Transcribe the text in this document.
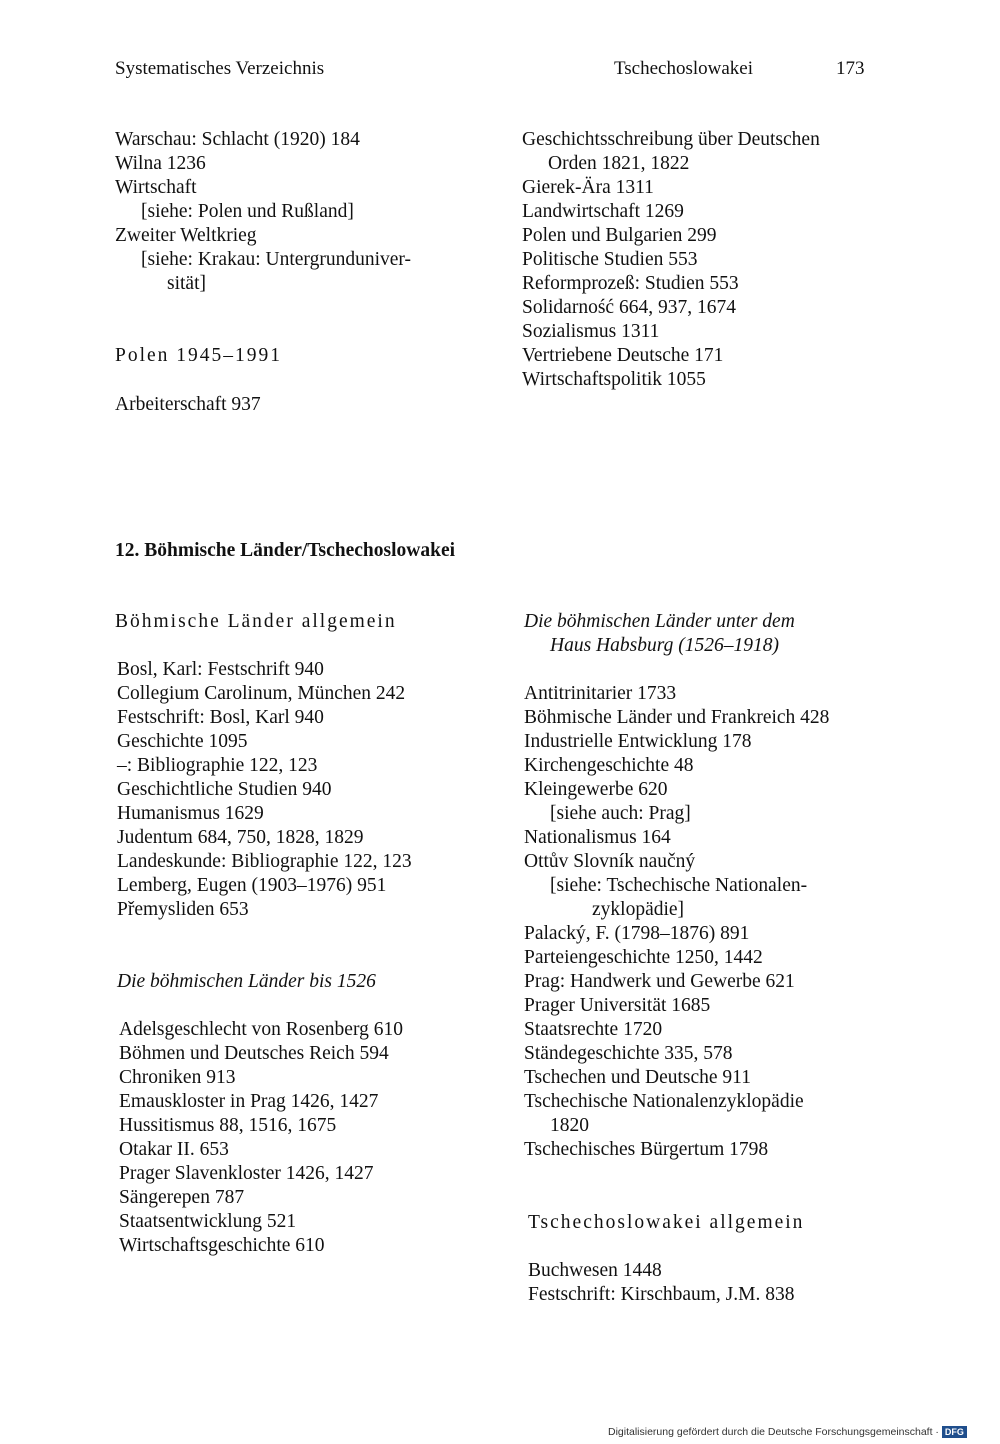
Systematisches Verzeichnis	Tschechoslowakei	173
Warschau: Schlacht (1920) 184
Wilna 1236
Wirtschaft
[siehe: Polen und Rußland]
Zweiter Weltkrieg
[siehe: Krakau: Untergrunduniver-
sität]
Polen 1945–1991
Arbeiterschaft 937
Geschichtsschreibung über Deutschen
Orden 1821, 1822
Gierek-Ära 1311
Landwirtschaft 1269
Polen und Bulgarien 299
Politische Studien 553
Reformprozeß: Studien 553
Solidarność 664, 937, 1674
Sozialismus 1311
Vertriebene Deutsche 171
Wirtschaftspolitik 1055
12. Böhmische Länder/Tschechoslowakei
Böhmische Länder allgemein
Bosl, Karl: Festschrift 940
Collegium Carolinum, München 242
Festschrift: Bosl, Karl 940
Geschichte 1095
–: Bibliographie 122, 123
Geschichtliche Studien 940
Humanismus 1629
Judentum 684, 750, 1828, 1829
Landeskunde: Bibliographie 122, 123
Lemberg, Eugen (1903–1976) 951
Přemysliden 653
Die böhmischen Länder bis 1526
Adelsgeschlecht von Rosenberg 610
Böhmen und Deutsches Reich 594
Chroniken 913
Emauskloster in Prag 1426, 1427
Hussitismus 88, 1516, 1675
Otakar II. 653
Prager Slavenkloster 1426, 1427
Sängerepen 787
Staatsentwicklung 521
Wirtschaftsgeschichte 610
Die böhmischen Länder unter dem
Haus Habsburg (1526–1918)
Antitrinitarier 1733
Böhmische Länder und Frankreich 428
Industrielle Entwicklung 178
Kirchengeschichte 48
Kleingewerbe 620
[siehe auch: Prag]
Nationalismus 164
Ottův Slovník naučný
[siehe: Tschechische Nationalen-
zyklopädie]
Palacký, F. (1798–1876) 891
Parteiengeschichte 1250, 1442
Prag: Handwerk und Gewerbe 621
Prager Universität 1685
Staatsrechte 1720
Ständegeschichte 335, 578
Tschechen und Deutsche 911
Tschechische Nationalenzyklopädie
1820
Tschechisches Bürgertum 1798
Tschechoslowakei allgemein
Buchwesen 1448
Festschrift: Kirschbaum, J.M. 838
Digitalisierung gefördert durch die Deutsche Forschungsgemeinschaft · DFG
